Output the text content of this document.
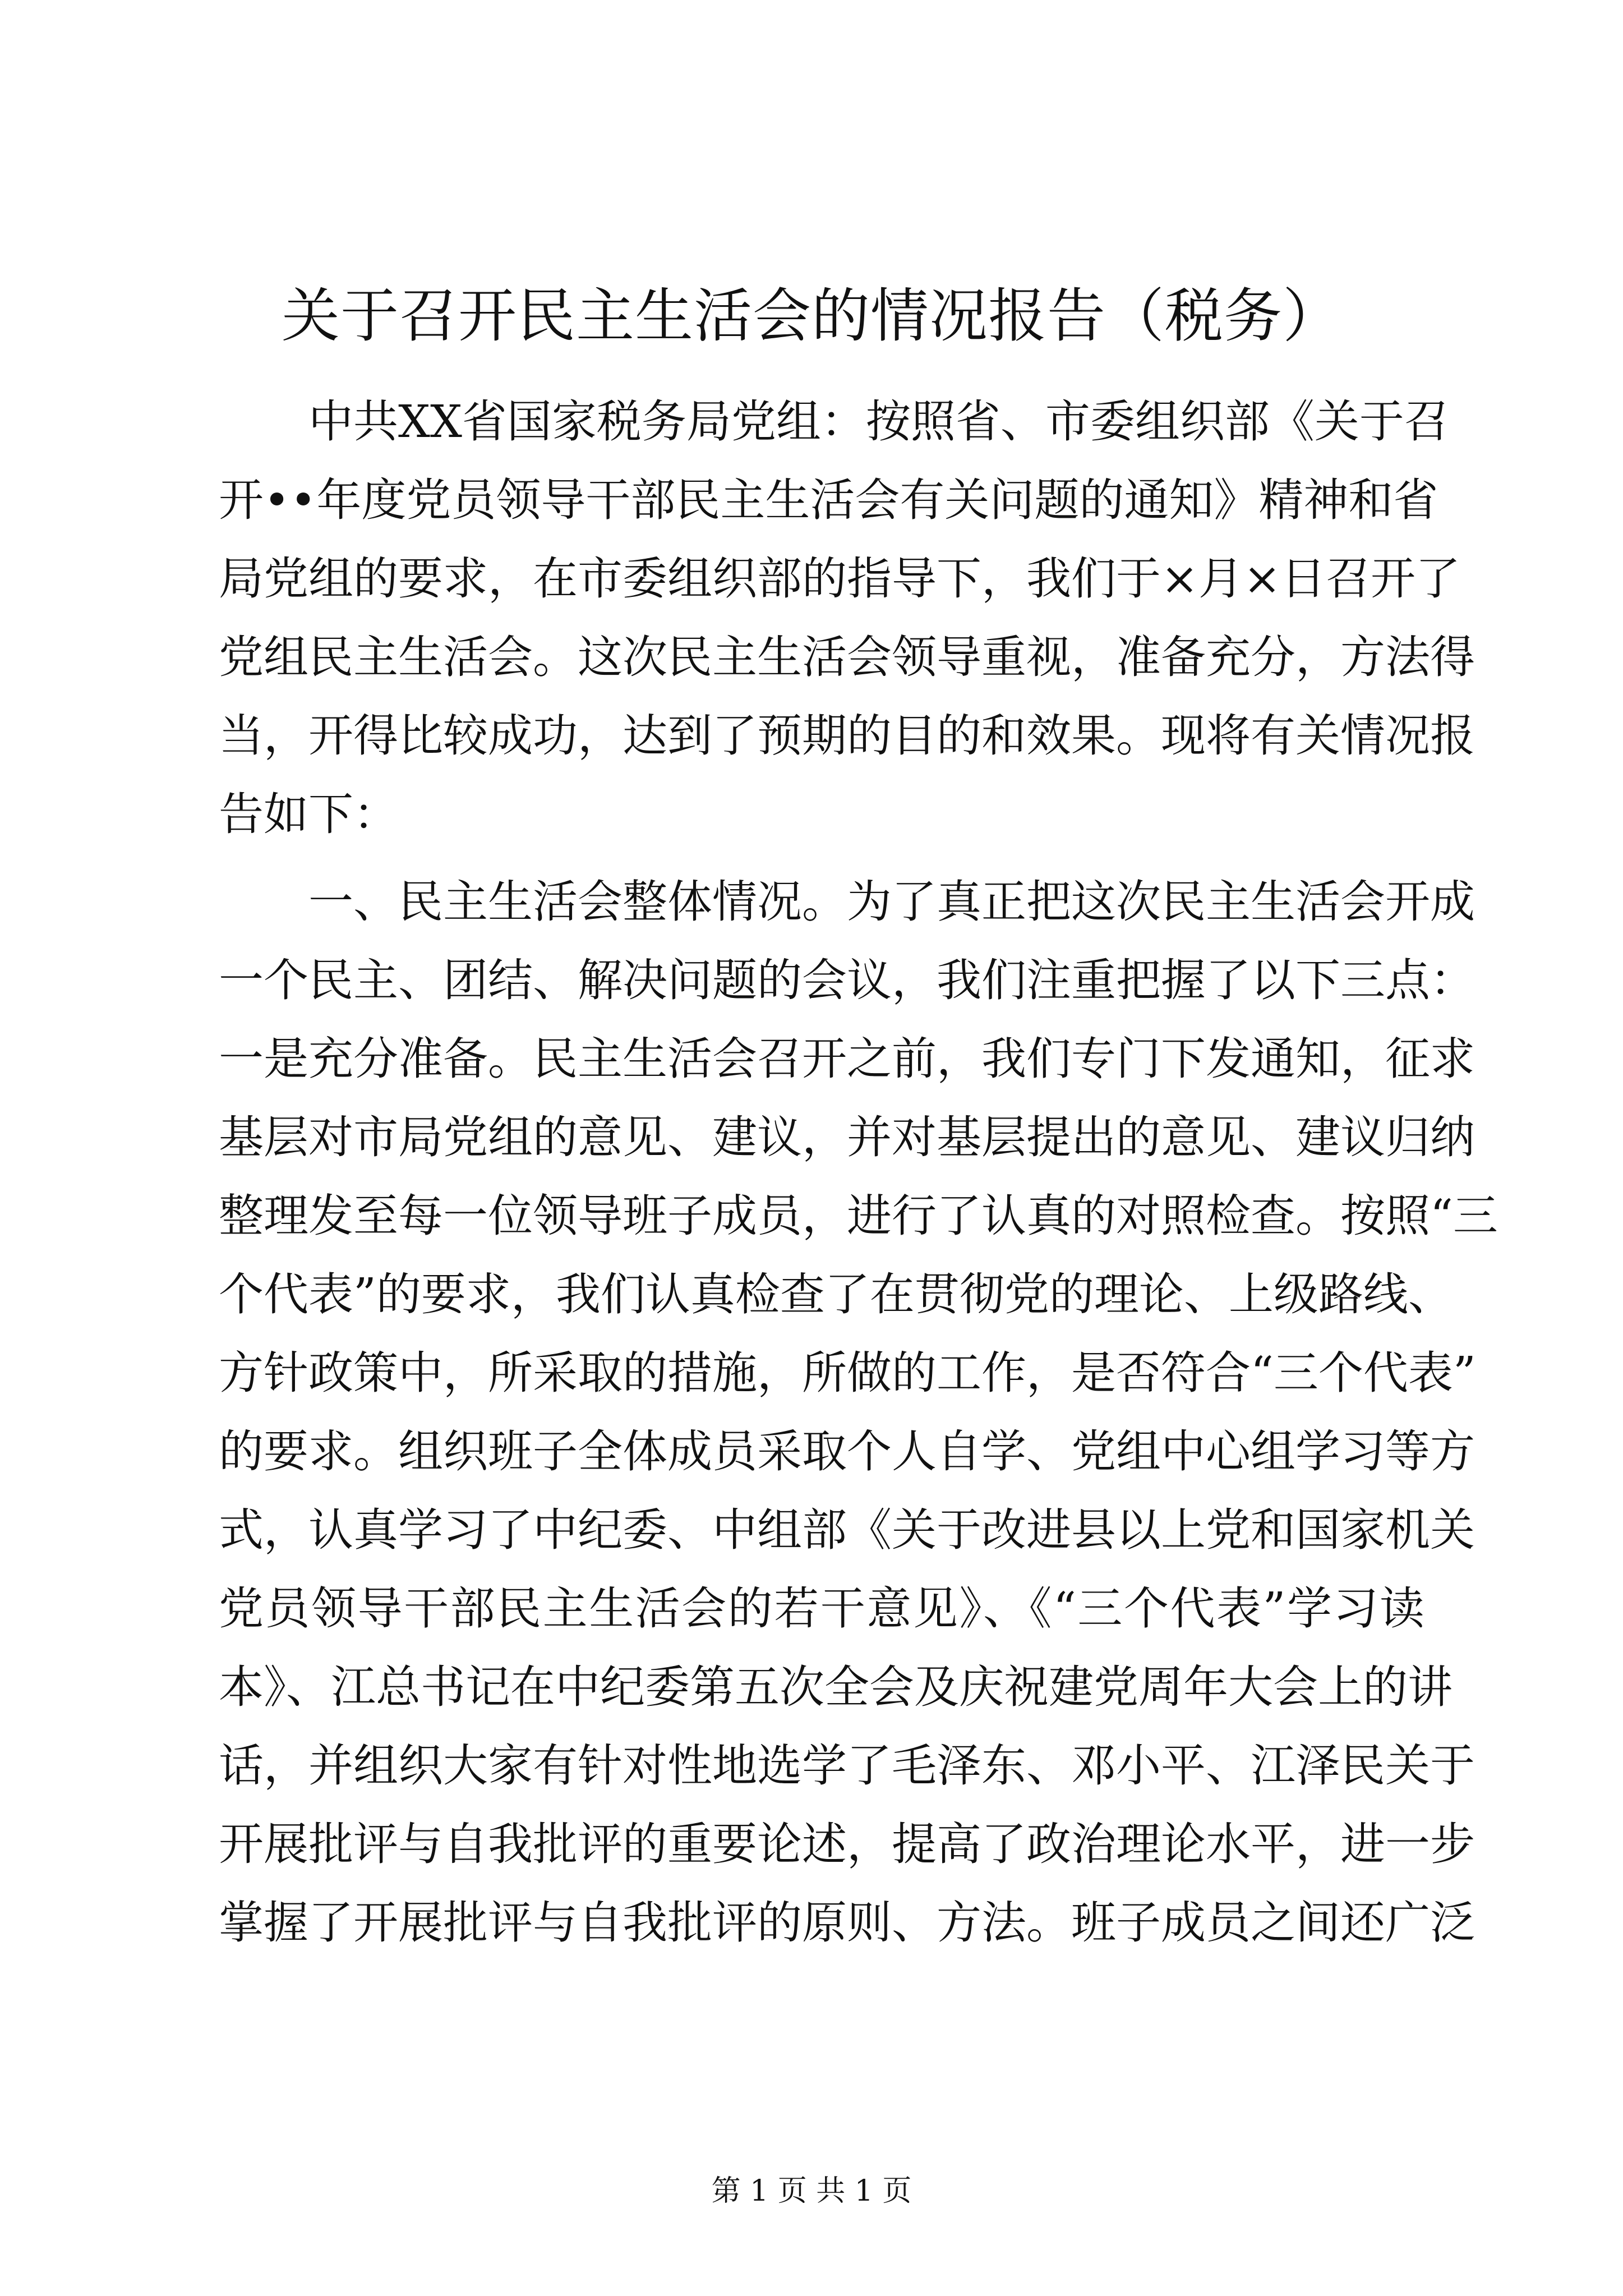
关于召开民主生活会的情况报告（税务）

中共XX省国家税务局党组：按照省、市委组织部《关于召

开••年度党员领导干部民主生活会有关问题的通知》精神和省

局党组的要求，在市委组织部的指导下，我们于×月×日召开了

党组民主生活会。这次民主生活会领导重视，准备充分，方法得

当，开得比较成功，达到了预期的目的和效果。现将有关情况报

告如下：

一、民主生活会整体情况。为了真正把这次民主生活会开成

一个民主、团结、解决问题的会议，我们注重把握了以下三点：

一是充分准备。民主生活会召开之前，我们专门下发通知，征求

基层对市局党组的意见、建议，并对基层提出的意见、建议归纳

整理发至每一位领导班子成员，进行了认真的对照检查。按照“三

个代表”的要求，我们认真检查了在贯彻党的理论、上级路线、

方针政策中，所采取的措施，所做的工作，是否符合“三个代表”

的要求。组织班子全体成员采取个人自学、党组中心组学习等方

式，认真学习了中纪委、中组部《关于改进县以上党和国家机关

党员领导干部民主生活会的若干意见》、《“三个代表”学习读

本》、江总书记在中纪委第五次全会及庆祝建党周年大会上的讲

话，并组织大家有针对性地选学了毛泽东、邓小平、江泽民关于

开展批评与自我批评的重要论述，提高了政治理论水平，进一步

掌握了开展批评与自我批评的原则、方法。班子成员之间还广泛

第 1 页 共 1 页
